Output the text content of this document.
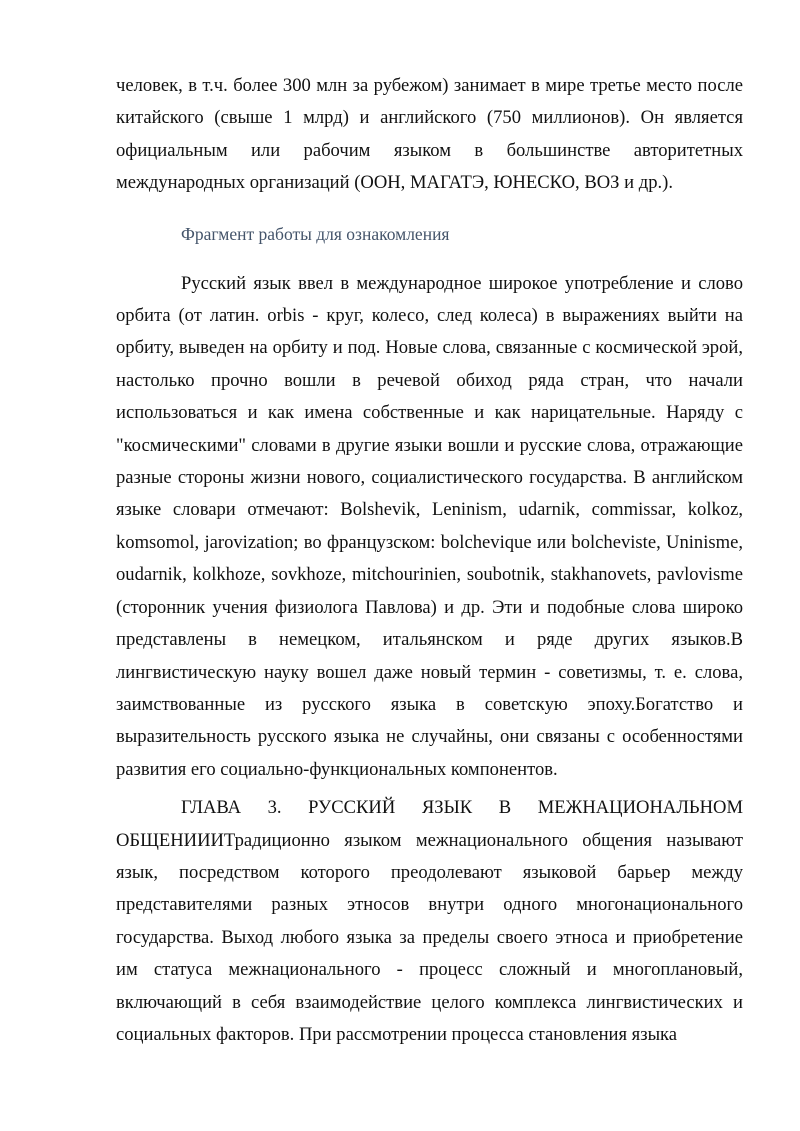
человек, в т.ч. более 300 млн за рубежом) занимает в мире третье место после китайского (свыше 1 млрд) и английского (750 миллионов). Он является официальным или рабочим языком в большинстве авторитетных международных организаций (ООН, МАГАТЭ, ЮНЕСКО, ВОЗ и др.).

Фрагмент работы для ознакомления

Русский язык ввел в международное широкое употребление и слово орбита (от латин. orbis - круг, колесо, след колеса) в выражениях выйти на орбиту, выведен на орбиту и под. Новые слова, связанные с космической эрой, настолько прочно вошли в речевой обиход ряда стран, что начали использоваться и как имена собственные и как нарицательные. Наряду с "космическими" словами в другие языки вошли и русские слова, отражающие разные стороны жизни нового, социалистического государства. В английском языке словари отмечают: Bolshevik, Leninism, udarnik, commissar, kolkoz, komsomol, jarovization; во французском: bolchevique или bolcheviste, Uninisme, oudarnik, kolkhoze, sovkhoze, mitchourinien, soubotnik, stakhanovets, pavlovisme (сторонник учения физиолога Павлова) и др. Эти и подобные слова широко представлены в немецком, итальянском и ряде других языков.В лингвистическую науку вошел даже новый термин - советизмы, т. е. слова, заимствованные из русского языка в советскую эпоху.Богатство и выразительность русского языка не случайны, они связаны с особенностями развития его социально-функциональных компонентов.

ГЛАВА 3. РУССКИЙ ЯЗЫК В МЕЖНАЦИОНАЛЬНОМ ОБЩЕНИИИТрадиционно языком межнационального общения называют язык, посредством которого преодолевают языковой барьер между представителями разных этносов внутри одного многонационального государства. Выход любого языка за пределы своего этноса и приобретение им статуса межнационального - процесс сложный и многоплановый, включающий в себя взаимодействие целого комплекса лингвистических и социальных факторов. При рассмотрении процесса становления языка
